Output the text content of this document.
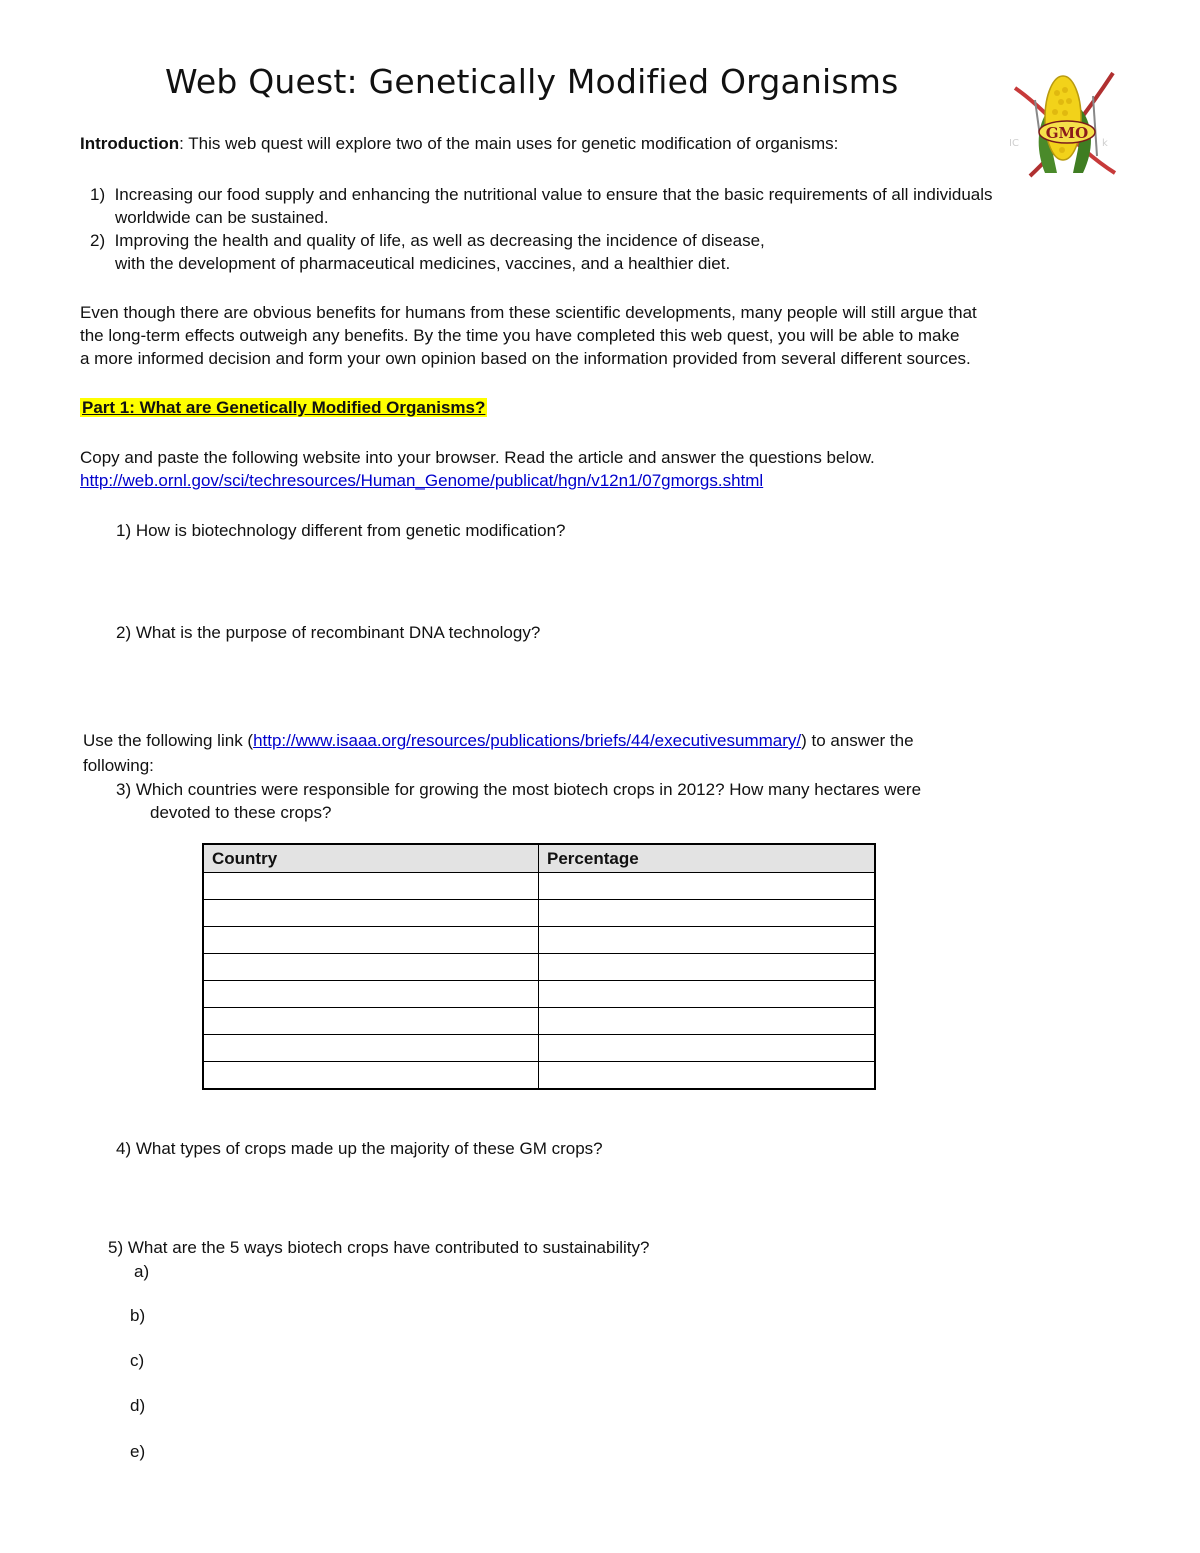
Web Quest: Genetically Modified Organisms
GMO
IC	k
Introduction: This web quest will explore two of the main uses for genetic modification of organisms:
1) Increasing our food supply and enhancing the nutritional value to ensure that the basic requirements of all individuals
worldwide can be sustained.
2) Improving the health and quality of life, as well as decreasing the incidence of disease,
with the development of pharmaceutical medicines, vaccines, and a healthier diet.
Even though there are obvious benefits for humans from these scientific developments, many people will still argue that
the long-term effects outweigh any benefits. By the time you have completed this web quest, you will be able to make
a more informed decision and form your own opinion based on the information provided from several different sources.
Part 1: What are Genetically Modified Organisms?
Copy and paste the following website into your browser. Read the article and answer the questions below.
http://web.ornl.gov/sci/techresources/Human_Genome/publicat/hgn/v12n1/07gmorgs.shtml
1) How is biotechnology different from genetic modification?
2) What is the purpose of recombinant DNA technology?
Use the following link (http://www.isaaa.org/resources/publications/briefs/44/executivesummary/) to answer the
following:
3) Which countries were responsible for growing the most biotech crops in 2012? How many hectares were
devoted to these crops?
Country	Percentage

4) What types of crops made up the majority of these GM crops?
5) What are the 5 ways biotech crops have contributed to sustainability?
a)
b)
c)
d)
e)
